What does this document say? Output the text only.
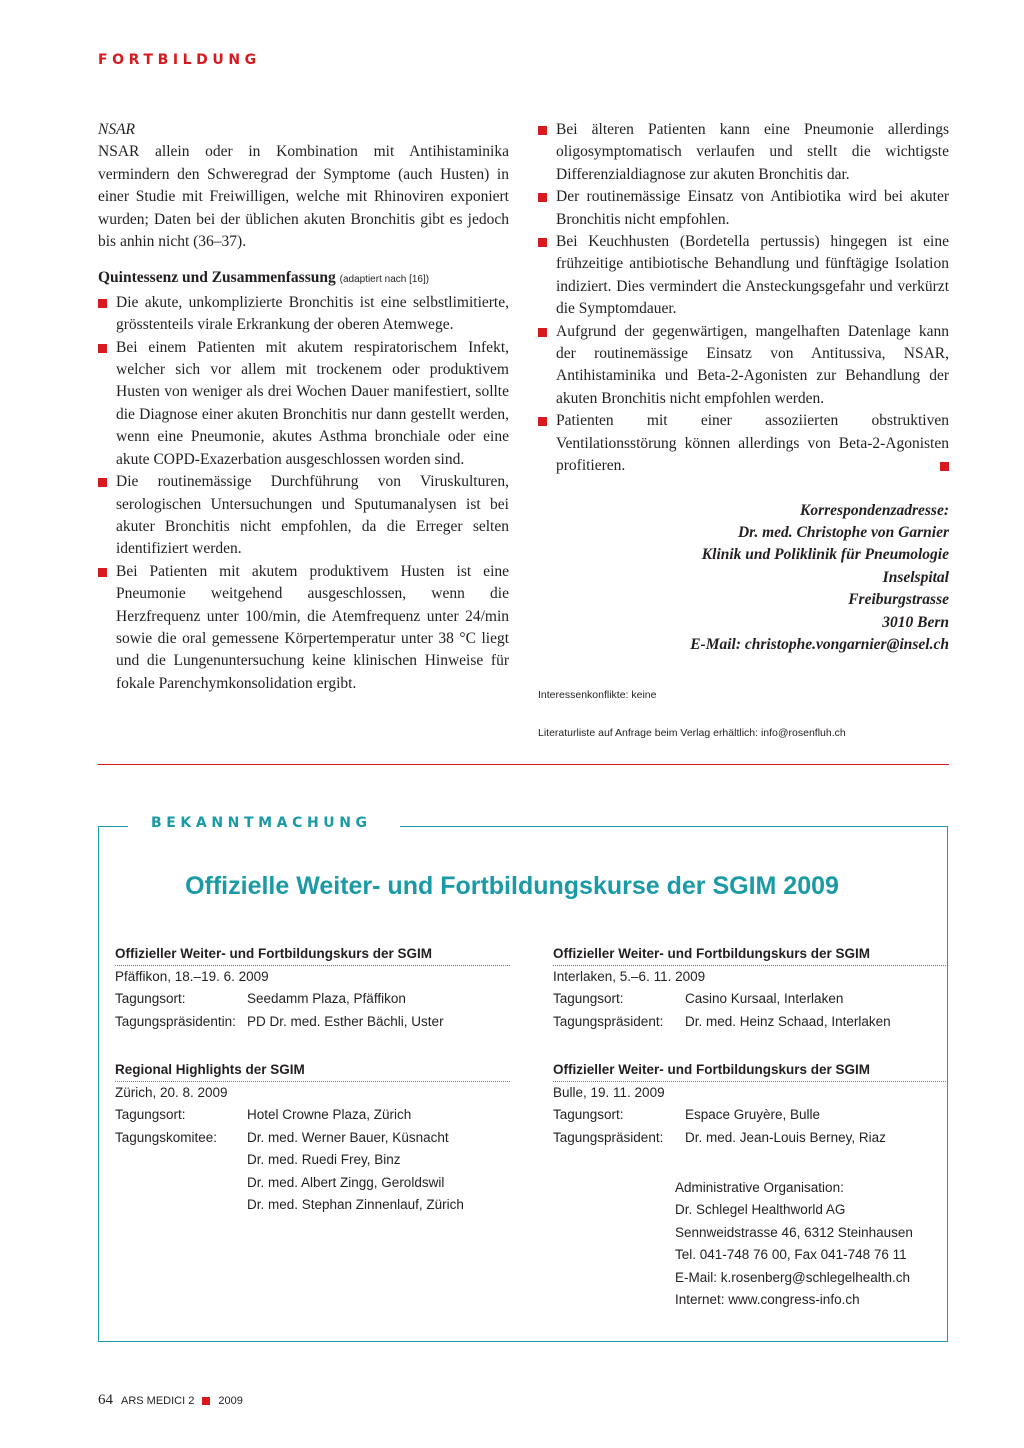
FORTBILDUNG

NSAR

NSAR allein oder in Kombination mit Antihistaminika vermindern den Schweregrad der Symptome (auch Husten) in einer Studie mit Freiwilligen, welche mit Rhinoviren exponiert wurden; Daten bei der üblichen akuten Bronchitis gibt es jedoch bis anhin nicht (36–37).

Quintessenz und Zusammenfassung (adaptiert nach [16])

Die akute, unkomplizierte Bronchitis ist eine selbstlimitierte, grösstenteils virale Erkrankung der oberen Atemwege.
Bei einem Patienten mit akutem respiratorischem Infekt, welcher sich vor allem mit trockenem oder produktivem Husten von weniger als drei Wochen Dauer manifestiert, sollte die Diagnose einer akuten Bronchitis nur dann gestellt werden, wenn eine Pneumonie, akutes Asthma bronchiale oder eine akute COPD-Exazerbation ausgeschlossen worden sind.
Die routinemässige Durchführung von Viruskulturen, serologischen Untersuchungen und Sputumanalysen ist bei akuter Bronchitis nicht empfohlen, da die Erreger selten identifiziert werden.
Bei Patienten mit akutem produktivem Husten ist eine Pneumonie weitgehend ausgeschlossen, wenn die Herzfrequenz unter 100/min, die Atemfrequenz unter 24/min sowie die oral gemessene Körpertemperatur unter 38 °C liegt und die Lungenuntersuchung keine klinischen Hinweise für fokale Parenchymkonsolidation ergibt.
Bei älteren Patienten kann eine Pneumonie allerdings oligosymptomatisch verlaufen und stellt die wichtigste Differenzialdiagnose zur akuten Bronchitis dar.
Der routinemässige Einsatz von Antibiotika wird bei akuter Bronchitis nicht empfohlen.
Bei Keuchhusten (Bordetella pertussis) hingegen ist eine frühzeitige antibiotische Behandlung und fünftägige Isolation indiziert. Dies vermindert die Ansteckungsgefahr und verkürzt die Symptomdauer.
Aufgrund der gegenwärtigen, mangelhaften Datenlage kann der routinemässige Einsatz von Antitussiva, NSAR, Antihistaminika und Beta-2-Agonisten zur Behandlung der akuten Bronchitis nicht empfohlen werden.
Patienten mit einer assoziierten obstruktiven Ventilationsstörung können allerdings von Beta-2-Agonisten profitieren.
Korrespondenzadresse:
Dr. med. Christophe von Garnier
Klinik und Poliklinik für Pneumologie
Inselspital
Freiburgstrasse
3010 Bern
E-Mail: christophe.vongarnier@insel.ch
Interessenkonflikte: keine
Literaturliste auf Anfrage beim Verlag erhältlich: info@rosenfluh.ch
BEKANNTMACHUNG
Offizielle Weiter- und Fortbildungskurse der SGIM 2009
Offizieller Weiter- und Fortbildungskurs der SGIM
Pfäffikon, 18.–19. 6. 2009
Tagungsort:	Seedamm Plaza, Pfäffikon
Tagungspräsidentin: PD Dr. med. Esther Bächli, Uster
Offizieller Weiter- und Fortbildungskurs der SGIM
Interlaken, 5.–6. 11. 2009
Tagungsort:	Casino Kursaal, Interlaken
Tagungspräsident:	Dr. med. Heinz Schaad, Interlaken
Regional Highlights der SGIM
Zürich, 20. 8. 2009
Tagungsort:	Hotel Crowne Plaza, Zürich
Tagungskomitee:	Dr. med. Werner Bauer, Küsnacht
Dr. med. Ruedi Frey, Binz
Dr. med. Albert Zingg, Geroldswil
Dr. med. Stephan Zinnenlauf, Zürich
Offizieller Weiter- und Fortbildungskurs der SGIM
Bulle, 19. 11. 2009
Tagungsort:	Espace Gruyère, Bulle
Tagungspräsident:	Dr. med. Jean-Louis Berney, Riaz
Administrative Organisation:
Dr. Schlegel Healthworld AG
Sennweidstrasse 46, 6312 Steinhausen
Tel. 041-748 76 00, Fax 041-748 76 11
E-Mail: k.rosenberg@schlegelhealth.ch
Internet: www.congress-info.ch
64 ARS MEDICI 2 2009
